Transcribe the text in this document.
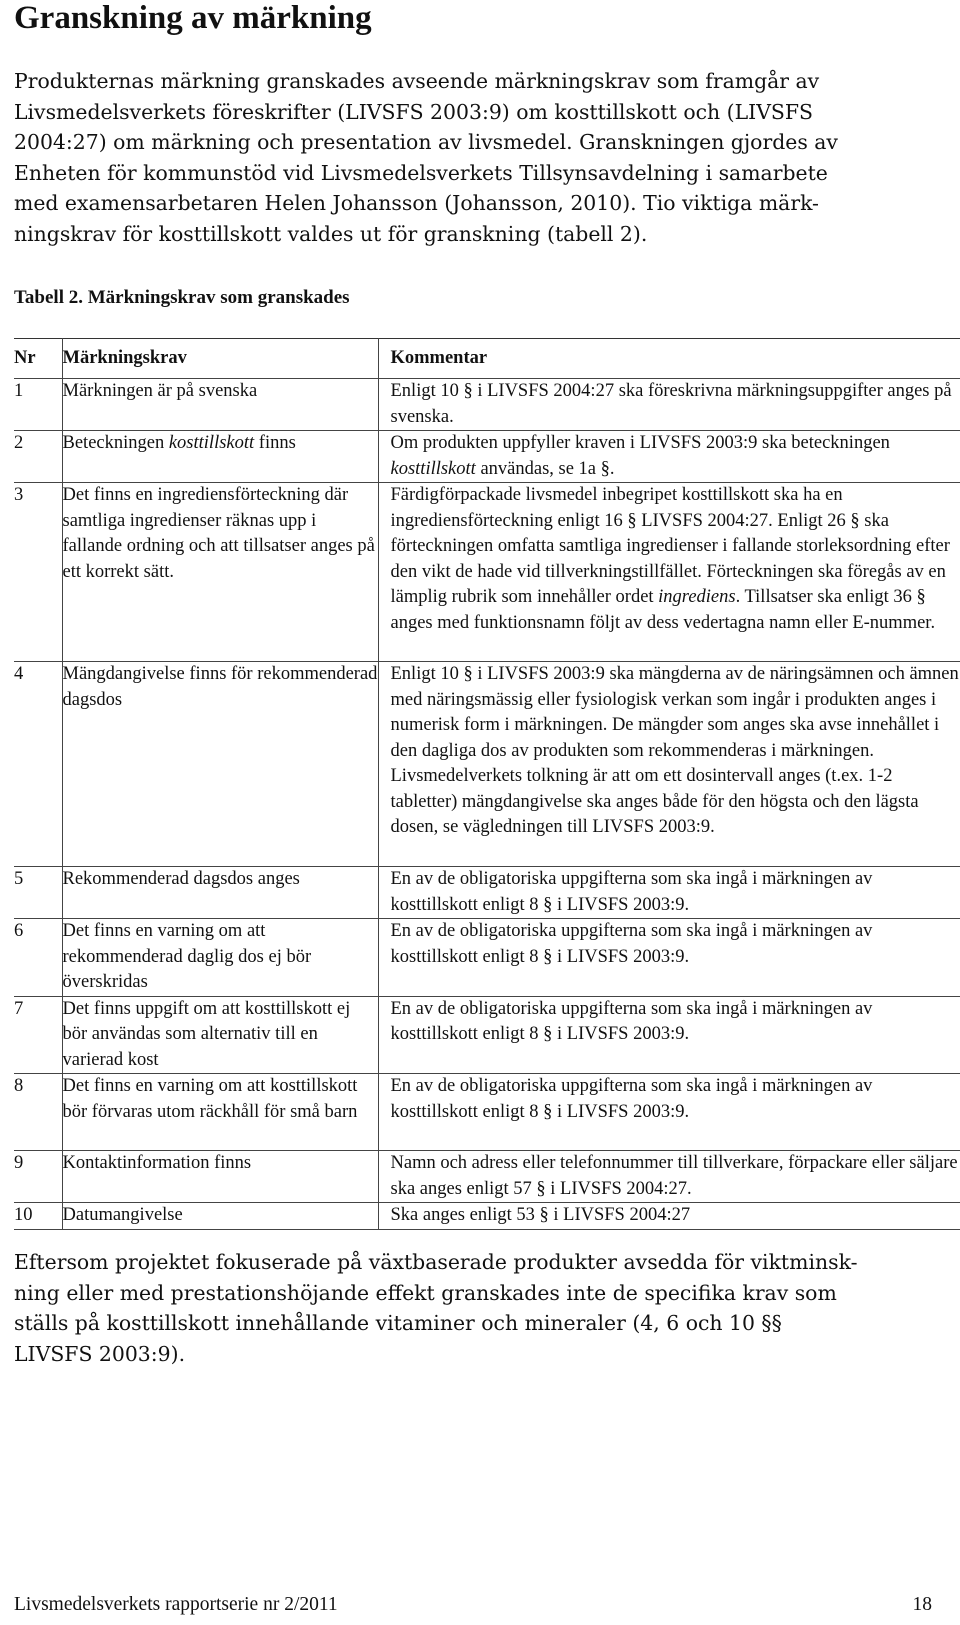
Granskning av märkning

Produkternas märkning granskades avseende märkningskrav som framgår av
Livsmedelsverkets föreskrifter (LIVSFS 2003:9) om kosttillskott och (LIVSFS
2004:27) om märkning och presentation av livsmedel. Granskningen gjordes av
Enheten för kommunstöd vid Livsmedelsverkets Tillsynsavdelning i samarbete
med examensarbetaren Helen Johansson (Johansson, 2010). Tio viktiga märk-
ningskrav för kosttillskott valdes ut för granskning (tabell 2).

Tabell 2. Märkningskrav som granskades

Nr	Märkningskrav	Kommentar
1	Märkningen är på svenska	Enligt 10 § i LIVSFS 2004:27 ska föreskrivna märkningsuppgifter anges på svenska.
2	Beteckningen kosttillskott finns	Om produkten uppfyller kraven i LIVSFS 2003:9 ska beteckningen kosttillskott användas, se 1a §.
3	Det finns en ingrediensförteckning där samtliga ingredienser räknas upp i fallande ordning och att tillsatser anges på ett korrekt sätt.	Färdigförpackade livsmedel inbegripet kosttillskott ska ha en ingrediensförteckning enligt 16 § LIVSFS 2004:27. Enligt 26 § ska förteckningen omfatta samtliga ingredienser i fallande storleksordning efter den vikt de hade vid tillverkningstillfället. Förteckningen ska föregås av en lämplig rubrik som innehåller ordet ingrediens. Tillsatser ska enligt 36 § anges med funktionsnamn följt av dess vedertagna namn eller E-nummer.
4	Mängdangivelse finns för rekommenderad dagsdos	Enligt 10 § i LIVSFS 2003:9 ska mängderna av de näringsämnen och ämnen med näringsmässig eller fysiologisk verkan som ingår i produkten anges i numerisk form i märkningen. De mängder som anges ska avse innehållet i den dagliga dos av produkten som rekommenderas i märkningen. Livsmedelverkets tolkning är att om ett dosintervall anges (t.ex. 1-2 tabletter) mängdangivelse ska anges både för den högsta och den lägsta dosen, se vägledningen till LIVSFS 2003:9.
5	Rekommenderad dagsdos anges	En av de obligatoriska uppgifterna som ska ingå i märkningen av kosttillskott enligt 8 § i LIVSFS 2003:9.
6	Det finns en varning om att rekommenderad daglig dos ej bör överskridas	En av de obligatoriska uppgifterna som ska ingå i märkningen av kosttillskott enligt 8 § i LIVSFS 2003:9.
7	Det finns uppgift om att kosttillskott ej bör användas som alternativ till en varierad kost	En av de obligatoriska uppgifterna som ska ingå i märkningen av kosttillskott enligt 8 § i LIVSFS 2003:9.
8	Det finns en varning om att kosttillskott bör förvaras utom räckhåll för små barn	En av de obligatoriska uppgifterna som ska ingå i märkningen av kosttillskott enligt 8 § i LIVSFS 2003:9.
9	Kontaktinformation finns	Namn och adress eller telefonnummer till tillverkare, förpackare eller säljare ska anges enligt 57 § i LIVSFS 2004:27.
10	Datumangivelse	Ska anges enligt 53 § i LIVSFS 2004:27

Eftersom projektet fokuserade på växtbaserade produkter avsedda för viktminsk-
ning eller med prestationshöjande effekt granskades inte de specifika krav som
ställs på kosttillskott innehållande vitaminer och mineraler (4, 6 och 10 §§
LIVSFS 2003:9).

Livsmedelsverkets rapportserie nr 2/2011	18
